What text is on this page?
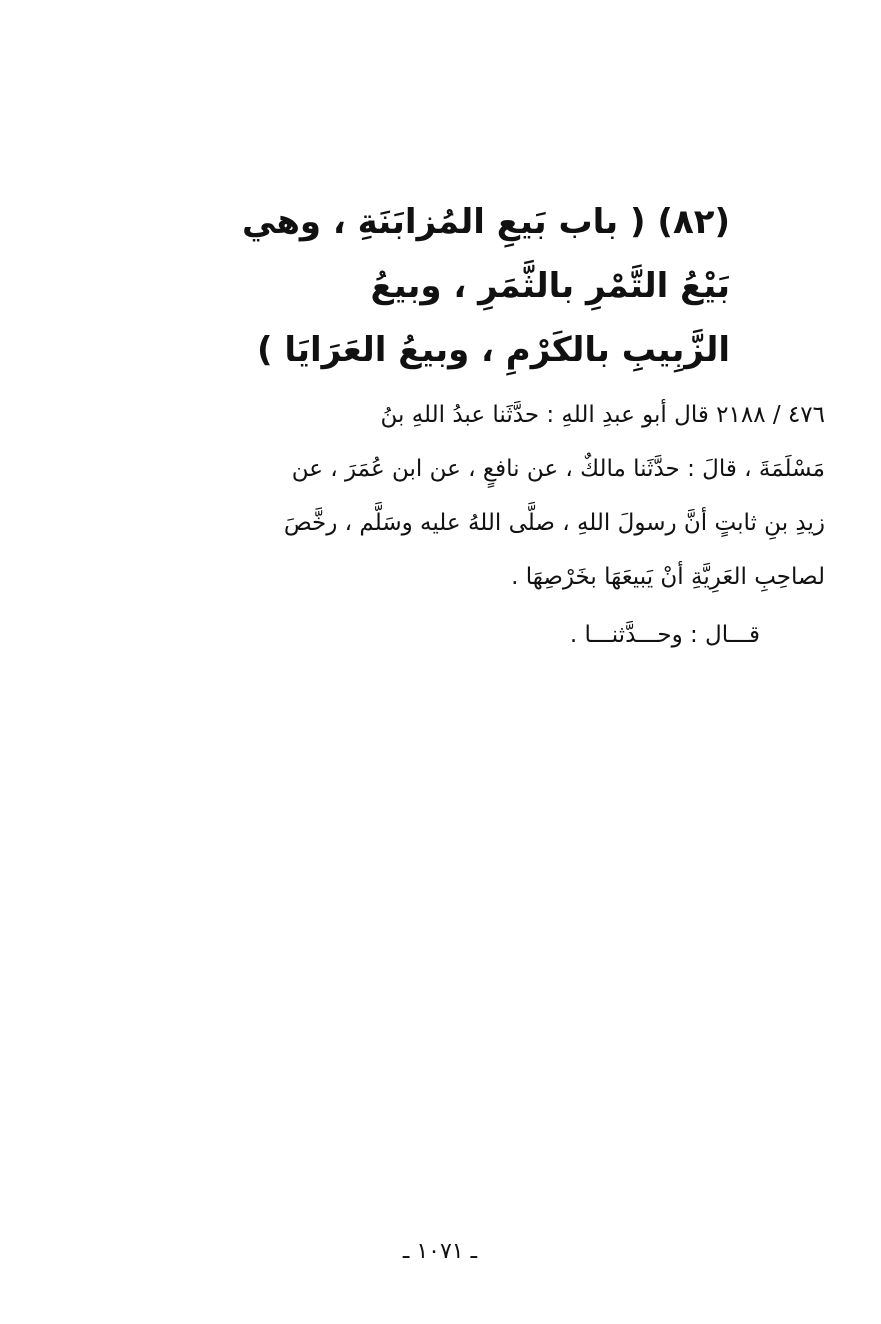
(٨٢) ( باب بَيعِ المُزابَنَةِ ، وهي
بَيْعُ التَّمْرِ بالثَّمَرِ ، وبيعُ
الزَّبِيبِ بالكَرْمِ ، وبيعُ العَرَايَا )
٤٧٦ / ٢١٨٨ قال أبو عبدِ اللهِ : حدَّثَنا عبدُ اللهِ بنُ
مَسْلَمَةَ ، قالَ : حدَّثَنا مالكٌ ، عن نافعٍ ، عن ابن عُمَرَ ، عن
زيدِ بنِ ثابتٍ أنَّ رسولَ اللهِ ، صلَّى اللهُ عليه وسَلَّم ، رخَّصَ
لصاحِبِ العَرِيَّةِ أنْ يَبيعَهَا بخَرْصِهَا .
قـــال : وحـــدَّثنـــا .
ـ ١٠٧١ ـ
